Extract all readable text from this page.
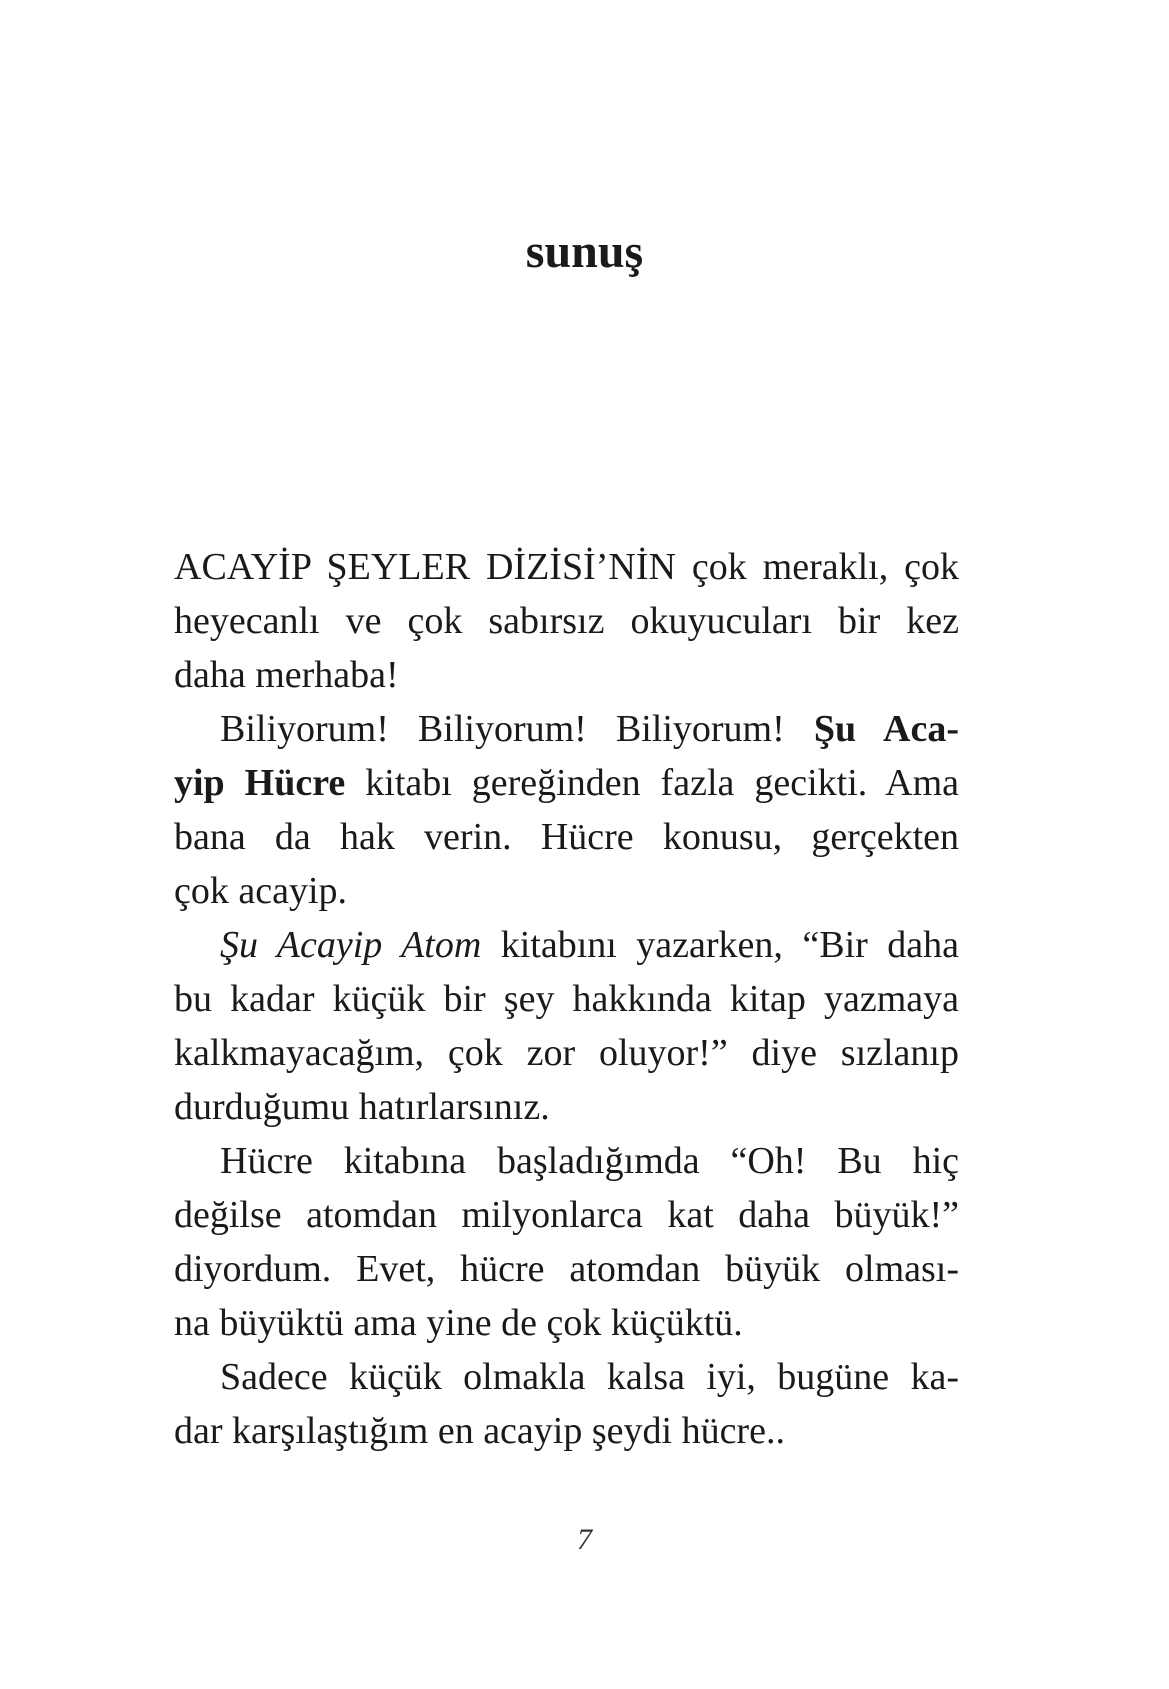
sunuş

ACAYİP ŞEYLER DİZİSİ’NİN çok meraklı, çok
heyecanlı ve çok sabırsız okuyucuları bir kez
daha merhaba!

Biliyorum! Biliyorum! Biliyorum! Şu Aca-
yip Hücre kitabı gereğinden fazla gecikti. Ama
bana da hak verin. Hücre konusu, gerçekten
çok acayip.

Şu Acayip Atom kitabını yazarken, “Bir daha
bu kadar küçük bir şey hakkında kitap yazmaya
kalkmayacağım, çok zor oluyor!” diye sızlanıp
durduğumu hatırlarsınız.

Hücre kitabına başladığımda “Oh! Bu hiç
değilse atomdan milyonlarca kat daha büyük!”
diyordum. Evet, hücre atomdan büyük olması-
na büyüktü ama yine de çok küçüktü.

Sadece küçük olmakla kalsa iyi, bugüne ka-
dar karşılaştığım en acayip şeydi hücre..

7
